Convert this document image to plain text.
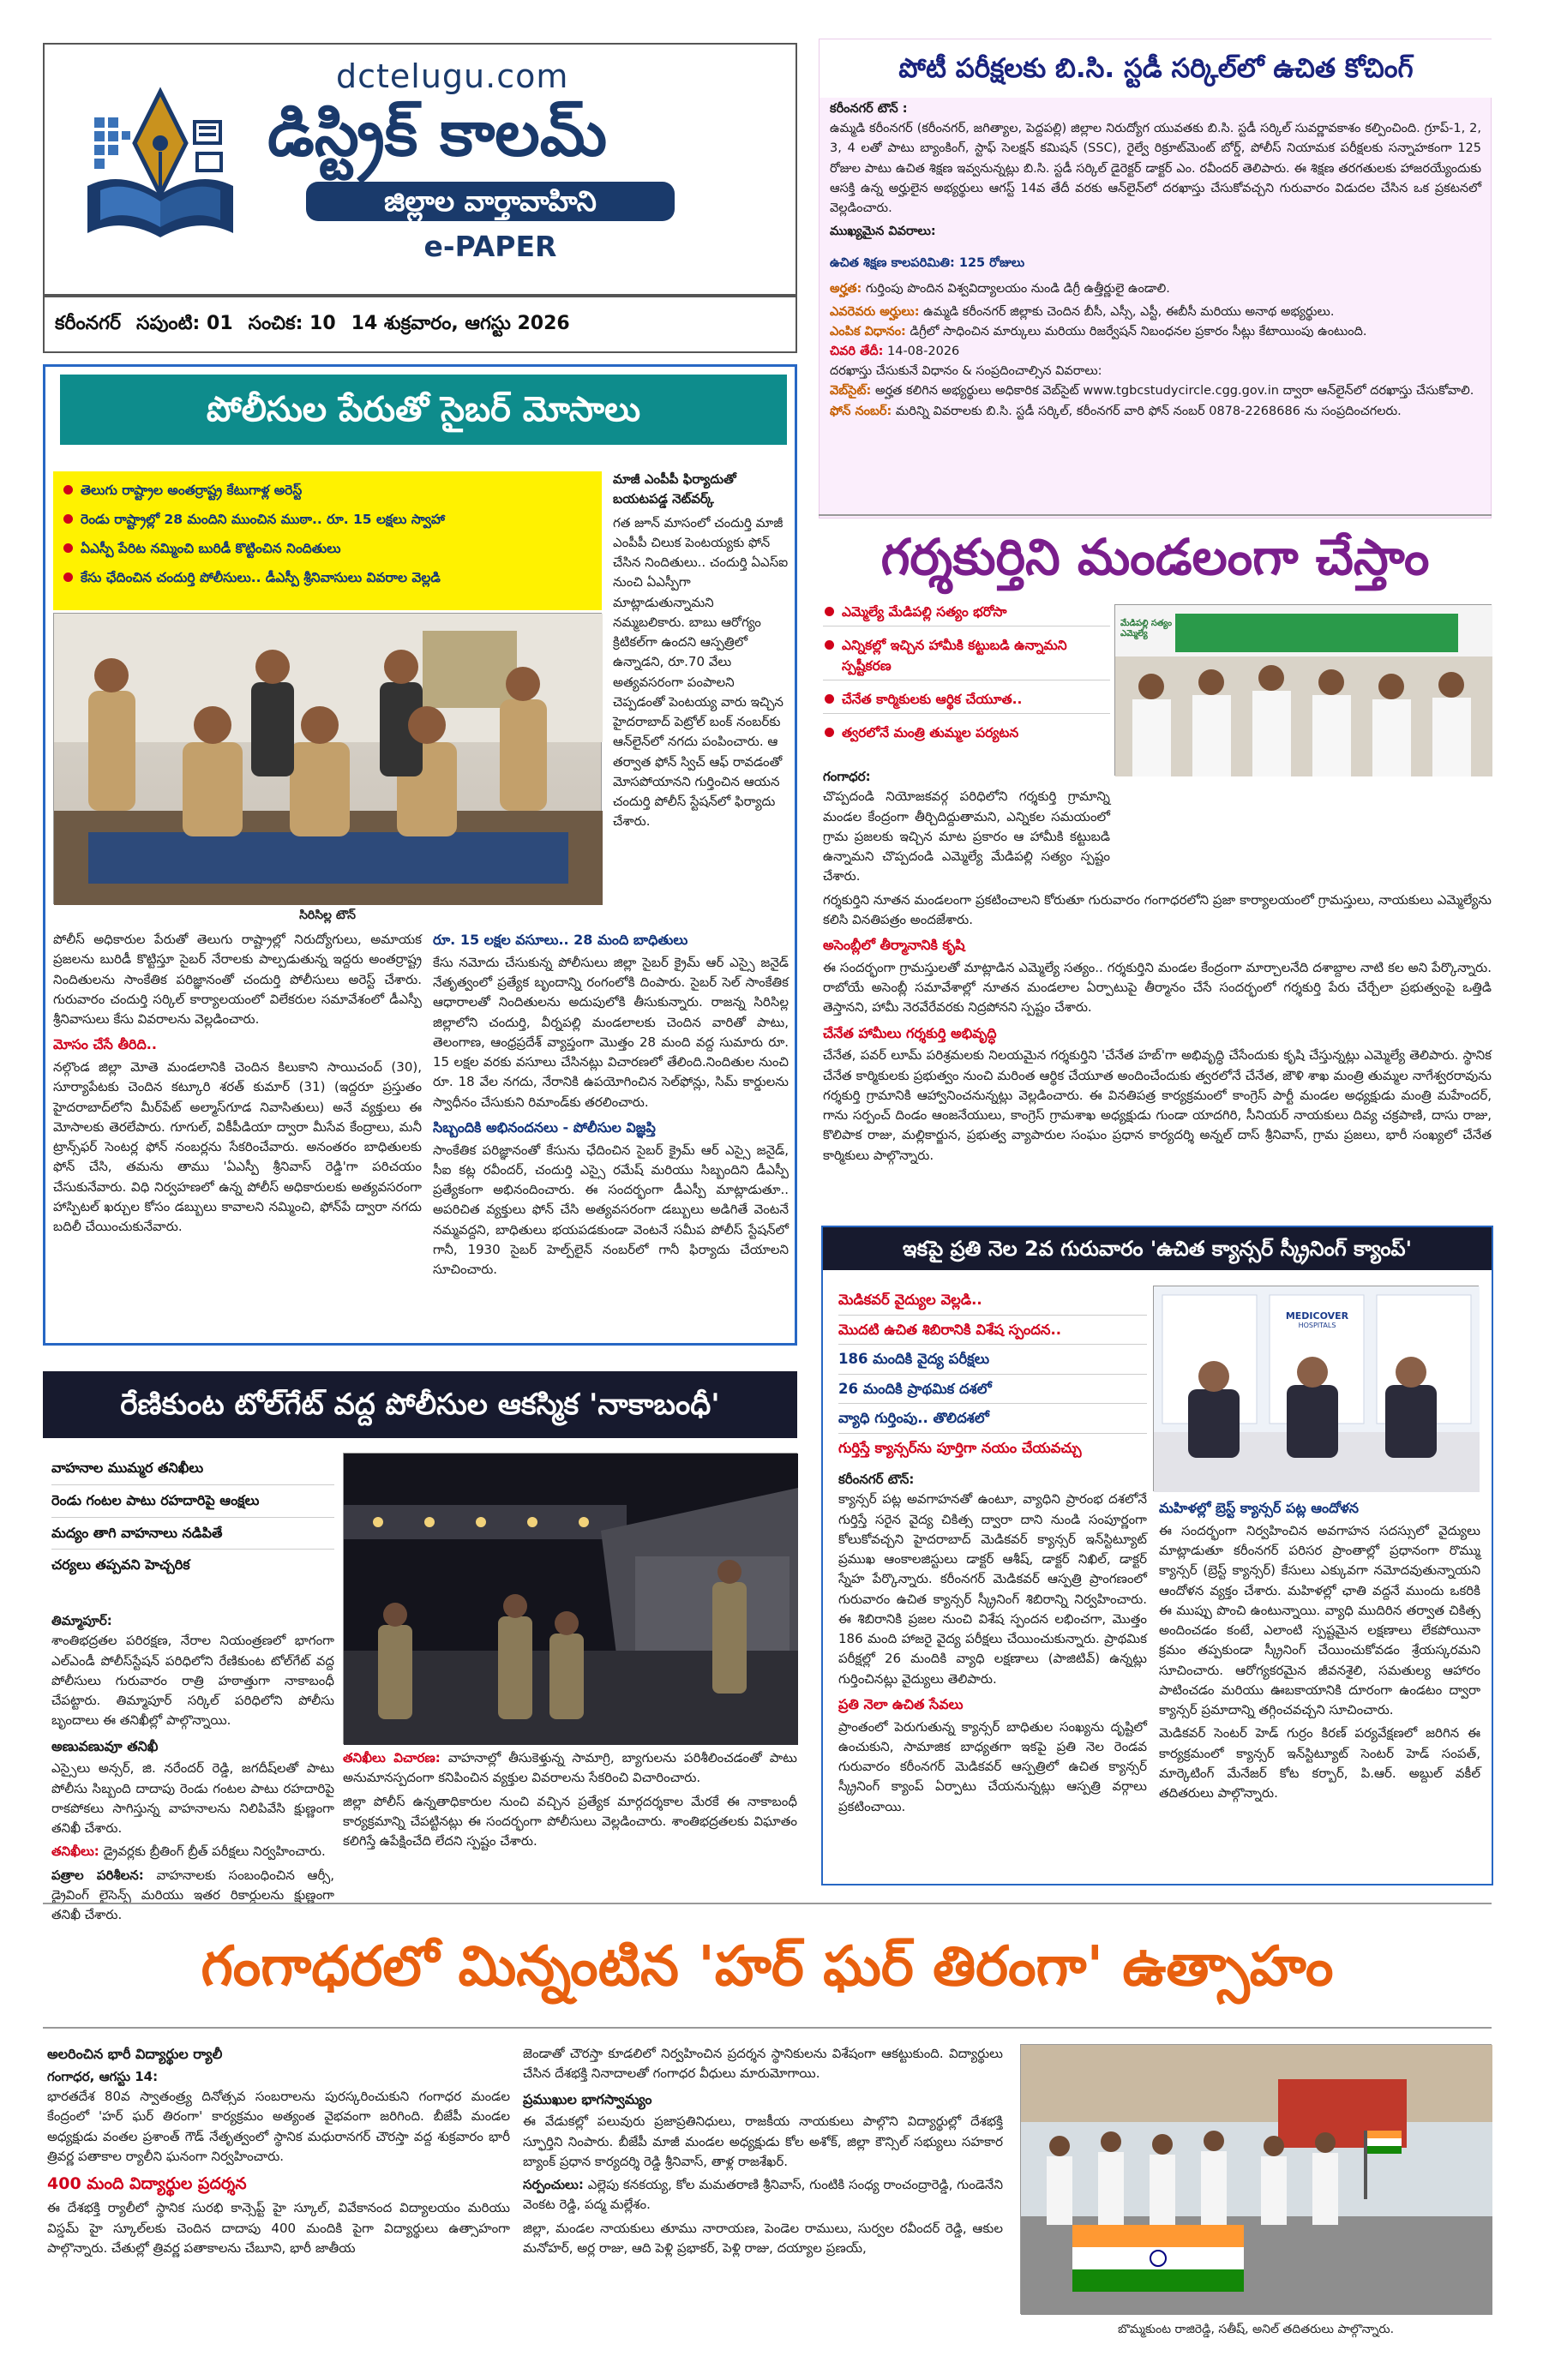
dctelugu.com
డిస్ట్రిక్ కాలమ్
జిల్లాల వార్తావాహిని
e-PAPER
కరీంనగర్ సపుంటి: 01 సంచిక: 10 14 శుక్రవారం, ఆగస్టు 2026
పోటీ పరీక్షలకు బి.సి. స్టడీ సర్కిల్‌లో ఉచిత కోచింగ్
కరీంనగర్ టౌన్ :

ఉమ్మడి కరీంనగర్ (కరీంనగర్, జగిత్యాల, పెద్దపల్లి) జిల్లాల నిరుద్యోగ యువతకు బి.సి. స్టడీ సర్కిల్ సువర్ణావకాశం కల్పించింది. గ్రూప్-1, 2, 3, 4 లతో పాటు బ్యాంకింగ్, స్టాఫ్ సెలక్షన్ కమిషన్ (SSC), రైల్వే రిక్రూట్‌మెంట్ బోర్డ్, పోలీస్ నియామక పరీక్షలకు సన్నాహకంగా 125 రోజుల పాటు ఉచిత శిక్షణ ఇవ్వనున్నట్లు బి.సి. స్టడీ సర్కిల్ డైరెక్టర్ డాక్టర్ ఎం. రవీందర్ తెలిపారు. ఈ శిక్షణ తరగతులకు హాజరయ్యేందుకు ఆసక్తి ఉన్న అర్హులైన అభ్యర్థులు ఆగస్ట్ 14వ తేదీ వరకు ఆన్‌లైన్‌లో దరఖాస్తు చేసుకోవచ్చని గురువారం విడుదల చేసిన ఒక ప్రకటనలో వెల్లడించారు.

ముఖ్యమైన వివరాలు:

ఉచిత శిక్షణ కాలపరిమితి: 125 రోజులు

అర్హత: గుర్తింపు పొందిన విశ్వవిద్యాలయం నుండి డిగ్రీ ఉత్తీర్ణులై ఉండాలి.

ఎవరెవరు అర్హులు: ఉమ్మడి కరీంనగర్ జిల్లాకు చెందిన బీసీ, ఎస్సీ, ఎస్టీ, ఈబీసీ మరియు అనాథ అభ్యర్థులు.

ఎంపిక విధానం: డిగ్రీలో సాధించిన మార్కులు మరియు రిజర్వేషన్ నిబంధనల ప్రకారం సీట్లు కేటాయింపు ఉంటుంది.

చివరి తేదీ: 14-08-2026

దరఖాస్తు చేసుకునే విధానం & సంప్రదించాల్సిన వివరాలు:

వెబ్‌సైట్: అర్హత కలిగిన అభ్యర్థులు అధికారిక వెబ్‌సైట్ www.tgbcstudycircle.cgg.gov.in ద్వారా ఆన్‌లైన్‌లో దరఖాస్తు చేసుకోవాలి.

ఫోన్ నంబర్: మరిన్ని వివరాలకు బి.సి. స్టడీ సర్కిల్, కరీంనగర్ వారి ఫోన్ నంబర్ 0878-2268686 ను సంప్రదించగలరు.

పోలీసుల పేరుతో సైబర్ మోసాలు
తెలుగు రాష్ట్రాల అంతర్రాష్ట్ర కేటుగాళ్ల అరెస్ట్
రెండు రాష్ట్రాల్లో 28 మందిని ముంచిన ముఠా.. రూ. 15 లక్షలు స్వాహా
ఏఎస్పీ పేరిట నమ్మించి బురిడీ కొట్టించిన నిందితులు
కేసు ఛేదించిన చందుర్తి పోలీసులు.. డీఎస్పీ శ్రీనివాసులు వివరాల వెల్లడి
సిరిసిల్ల టౌన్
మాజీ ఎంపీపీ ఫిర్యాదుతో బయటపడ్డ నెట్‌వర్క్

గత జూన్ మాసంలో చందుర్తి మాజీ ఎంపీపీ చిలుక పెంటయ్యకు ఫోన్ చేసిన నిందితులు.. చందుర్తి ఏఎస్ఐ నుంచి ఏఎస్పీగా మాట్లాడుతున్నామని నమ్మబలికారు. బాబు ఆరోగ్యం క్రిటికల్‌గా ఉందని ఆస్పత్రిలో ఉన్నాడని, రూ.70 వేలు అత్యవసరంగా పంపాలని చెప్పడంతో పెంటయ్య వారు ఇచ్చిన హైదరాబాద్ పెట్రోల్ బంక్ నంబర్‌కు ఆన్‌లైన్‌లో నగదు పంపించారు. ఆ తర్వాత ఫోన్ స్విచ్ ఆఫ్ రావడంతో మోసపోయానని గుర్తించిన ఆయన చందుర్తి పోలీస్ స్టేషన్‌లో ఫిర్యాదు చేశారు.

పోలీస్ అధికారుల పేరుతో తెలుగు రాష్ట్రాల్లో నిరుద్యోగులు, అమాయక ప్రజలను బురిడీ కొట్టిస్తూ సైబర్ నేరాలకు పాల్పడుతున్న ఇద్దరు అంతర్రాష్ట్ర నిందితులను సాంకేతిక పరిజ్ఞానంతో చందుర్తి పోలీసులు అరెస్ట్ చేశారు. గురువారం చందుర్తి సర్కిల్ కార్యాలయంలో విలేకరుల సమావేశంలో డీఎస్పీ శ్రీనివాసులు కేసు వివరాలను వెల్లడించారు.

మోసం చేసే తీరిది..

నల్గొండ జిల్లా మోతె మండలానికి చెందిన కిలుకాని సాయిచంద్ (30), సూర్యాపేటకు చెందిన కట్కూరి శరత్ కుమార్ (31) (ఇద్దరూ ప్రస్తుతం హైదరాబాద్‌లోని మీర్‌పేట్ అల్మాస్‌గూడ నివాసితులు) అనే వ్యక్తులు ఈ మోసాలకు తెరలేపారు. గూగుల్, వికీపీడియా ద్వారా మీసేవ కేంద్రాలు, మనీ ట్రాన్స్‌ఫర్ సెంటర్ల ఫోన్ నంబర్లను సేకరించేవారు. అనంతరం బాధితులకు ఫోన్ చేసి, తమను తాము 'ఏఎస్పీ శ్రీనివాస్ రెడ్డి'గా పరిచయం చేసుకునేవారు. విధి నిర్వహణలో ఉన్న పోలీస్ అధికారులకు అత్యవసరంగా హాస్పిటల్ ఖర్చుల కోసం డబ్బులు కావాలని నమ్మించి, ఫోన్‌పే ద్వారా నగదు బదిలీ చేయించుకునేవారు.

రూ. 15 లక్షల వసూలు.. 28 మంది బాధితులు

కేసు నమోదు చేసుకున్న పోలీసులు జిల్లా సైబర్ క్రైమ్ ఆర్ ఎస్సై జనైడ్ నేతృత్వంలో ప్రత్యేక బృందాన్ని రంగంలోకి దింపారు. సైబర్ సెల్ సాంకేతిక ఆధారాలతో నిందితులను అదుపులోకి తీసుకున్నారు. రాజన్న సిరిసిల్ల జిల్లాలోని చందుర్తి, వీర్నపల్లి మండలాలకు చెందిన వారితో పాటు, తెలంగాణ, ఆంధ్రప్రదేశ్ వ్యాప్తంగా మొత్తం 28 మంది వద్ద సుమారు రూ. 15 లక్షల వరకు వసూలు చేసినట్లు విచారణలో తేలింది.నిందితుల నుంచి రూ. 18 వేల నగదు, నేరానికి ఉపయోగించిన సెల్‌ఫోన్లు, సిమ్ కార్డులను స్వాధీనం చేసుకుని రిమాండ్‌కు తరలించారు.

సిబ్బందికి అభినందనలు - పోలీసుల విజ్ఞప్తి

సాంకేతిక పరిజ్ఞానంతో కేసును ఛేదించిన సైబర్ క్రైమ్ ఆర్ ఎస్సై జనైడ్, సీఐ కట్ల రవీందర్, చందుర్తి ఎస్సై రమేష్ మరియు సిబ్బందిని డీఎస్పీ ప్రత్యేకంగా అభినందించారు. ఈ సందర్భంగా డీఎస్పీ మాట్లాడుతూ.. అపరిచిత వ్యక్తులు ఫోన్ చేసి అత్యవసరంగా డబ్బులు అడిగితే వెంటనే నమ్మవద్దని, బాధితులు భయపడకుండా వెంటనే సమీప పోలీస్ స్టేషన్‌లో గానీ, 1930 సైబర్ హెల్ప్‌లైన్ నంబర్‌లో గానీ ఫిర్యాదు చేయాలని సూచించారు.

గర్శకుర్తిని మండలంగా చేస్తాం
ఎమ్మెల్యే మేడిపల్లి సత్యం భరోసా
ఎన్నికల్లో ఇచ్చిన హామీకి కట్టుబడి ఉన్నామని స్పష్టీకరణ
చేనేత కార్మికులకు ఆర్థిక చేయూత..
త్వరలోనే మంత్రి తుమ్మల పర్యటన
మేడిపల్లి సత్యం ఎమ్మెల్యే
గంగాధర:

చొప్పదండి నియోజకవర్గ పరిధిలోని గర్శకుర్తి గ్రామాన్ని మండల కేంద్రంగా తీర్చిదిద్దుతామని, ఎన్నికల సమయంలో గ్రామ ప్రజలకు ఇచ్చిన మాట ప్రకారం ఆ హామీకి కట్టుబడి ఉన్నామని చొప్పదండి ఎమ్మెల్యే మేడిపల్లి సత్యం స్పష్టం చేశారు.

గర్శకుర్తిని నూతన మండలంగా ప్రకటించాలని కోరుతూ గురువారం గంగాధరలోని ప్రజా కార్యాలయంలో గ్రామస్తులు, నాయకులు ఎమ్మెల్యేను కలిసి వినతిపత్రం అందజేశారు.

అసెంబ్లీలో తీర్మానానికి కృషి

ఈ సందర్భంగా గ్రామస్తులతో మాట్లాడిన ఎమ్మెల్యే సత్యం.. గర్శకుర్తిని మండల కేంద్రంగా మార్చాలనేది దశాబ్దాల నాటి కల అని పేర్కొన్నారు. రాబోయే అసెంబ్లీ సమావేశాల్లో నూతన మండలాల ఏర్పాటుపై తీర్మానం చేసే సందర్భంలో గర్శకుర్తి పేరు చేర్చేలా ప్రభుత్వంపై ఒత్తిడి తెస్తానని, హామీ నెరవేరేవరకు నిద్రపోనని స్పష్టం చేశారు.

చేనేత హామీలు గర్శకుర్తి అభివృద్ధి

చేనేత, పవర్ లూమ్ పరిశ్రమలకు నిలయమైన గర్శకుర్తిని 'చేనేత హబ్'గా అభివృద్ధి చేసేందుకు కృషి చేస్తున్నట్లు ఎమ్మెల్యే తెలిపారు. స్థానిక చేనేత కార్మికులకు ప్రభుత్వం నుంచి మరింత ఆర్థిక చేయూత అందించేందుకు త్వరలోనే చేనేత, జౌళి శాఖ మంత్రి తుమ్మల నాగేశ్వరరావును గర్శకుర్తి గ్రామానికి ఆహ్వానించనున్నట్లు వెల్లడించారు. ఈ వినతిపత్ర కార్యక్రమంలో కాంగ్రెస్ పార్టీ మండల అధ్యక్షుడు మంత్రి మహేందర్, గాను సర్పంచ్ దిండం ఆంజనేయులు, కాంగ్రెస్ గ్రామశాఖ అధ్యక్షుడు గుండా యాదగిరి, సీనియర్ నాయకులు దివ్య చక్రపాణి, దాసు రాజు, కొలిపాక రాజు, మల్లికార్జున, ప్రభుత్వ వ్యాపారుల సంఘం ప్రధాన కార్యదర్శి అన్నల్ దాస్ శ్రీనివాస్, గ్రామ ప్రజలు, భారీ సంఖ్యలో చేనేత కార్మికులు పాల్గొన్నారు.

ఇకపై ప్రతి నెల 2వ గురువారం 'ఉచిత క్యాన్సర్ స్క్రీనింగ్ క్యాంప్'
మెడికవర్ వైద్యుల వెల్లడి..
మొదటి ఉచిత శిబిరానికి విశేష స్పందన..
186 మందికి వైద్య పరీక్షలు
26 మందికి ప్రాథమిక దశలో
వ్యాధి గుర్తింపు.. తొలిదశలో
గుర్తిస్తే క్యాన్సర్‌ను పూర్తిగా నయం చేయవచ్చు
MEDICOVER
HOSPITALS
కరీంనగర్ టౌన్:

క్యాన్సర్ పట్ల అవగాహనతో ఉంటూ, వ్యాధిని ప్రారంభ దశలోనే గుర్తిస్తే సరైన వైద్య చికిత్స ద్వారా దాని నుండి సంపూర్ణంగా కోలుకోవచ్చని హైదరాబాద్ మెడికవర్ క్యాన్సర్ ఇన్‌స్టిట్యూట్ ప్రముఖ ఆంకాలజిస్టులు డాక్టర్ ఆశీష్, డాక్టర్ నిఖిల్, డాక్టర్ స్నేహ పేర్కొన్నారు. కరీంనగర్ మెడికవర్ ఆస్పత్రి ప్రాంగణంలో గురువారం ఉచిత క్యాన్సర్ స్క్రీనింగ్ శిబిరాన్ని నిర్వహించారు. ఈ శిబిరానికి ప్రజల నుంచి విశేష స్పందన లభించగా, మొత్తం 186 మంది హాజరై వైద్య పరీక్షలు చేయించుకున్నారు. ప్రాథమిక పరీక్షల్లో 26 మందికి వ్యాధి లక్షణాలు (పాజిటివ్) ఉన్నట్లు గుర్తించినట్లు వైద్యులు తెలిపారు.

ప్రతి నెలా ఉచిత సేవలు

ప్రాంతంలో పెరుగుతున్న క్యాన్సర్ బాధితుల సంఖ్యను దృష్టిలో ఉంచుకుని, సామాజిక బాధ్యతగా ఇకపై ప్రతి నెల రెండవ గురువారం కరీంనగర్ మెడికవర్ ఆస్పత్రిలో ఉచిత క్యాన్సర్ స్క్రీనింగ్ క్యాంప్ ఏర్పాటు చేయనున్నట్లు ఆస్పత్రి వర్గాలు ప్రకటించాయి.

మహిళల్లో బ్రెస్ట్ క్యాన్సర్ పట్ల ఆందోళన

ఈ సందర్భంగా నిర్వహించిన అవగాహన సదస్సులో వైద్యులు మాట్లాడుతూ కరీంనగర్ పరిసర ప్రాంతాల్లో ప్రధానంగా రొమ్ము క్యాన్సర్ (బ్రెస్ట్ క్యాన్సర్) కేసులు ఎక్కువగా నమోదవుతున్నాయని ఆందోళన వ్యక్తం చేశారు. మహిళల్లో ఛాతి వద్దనే ముందు ఒకరికి ఈ ముప్పు పొంచి ఉంటున్నాయి. వ్యాధి ముదిరిన తర్వాత చికిత్స అందించడం కంటే, ఎలాంటి స్పష్టమైన లక్షణాలు లేకపోయినా క్రమం తప్పకుండా స్క్రీనింగ్ చేయించుకోవడం శ్రేయస్కరమని సూచించారు. ఆరోగ్యకరమైన జీవనశైలి, సమతుల్య ఆహారం పాటించడం మరియు ఊబకాయానికి దూరంగా ఉండటం ద్వారా క్యాన్సర్ ప్రమాదాన్ని తగ్గించవచ్చని సూచించారు.

మెడికవర్ సెంటర్ హెడ్ గుర్రం కిరణ్ పర్యవేక్షణలో జరిగిన ఈ కార్యక్రమంలో క్యాన్సర్ ఇన్‌స్టిట్యూట్ సెంటర్ హెడ్ సంపత్, మార్కెటింగ్ మేనేజర్ కోట కర్బార్, పి.ఆర్. అబ్దుల్ వకీల్ తదితరులు పాల్గొన్నారు.

రేణికుంట టోల్‌గేట్ వద్ద పోలీసుల ఆకస్మిక 'నాకాబంధీ'
వాహనాల ముమ్మర తనిఖీలు
రెండు గంటల పాటు రహదారిపై ఆంక్షలు
మద్యం తాగి వాహనాలు నడిపితే
చర్యలు తప్పవని హెచ్చరిక
తిమ్మాపూర్:

శాంతిభద్రతల పరిరక్షణ, నేరాల నియంత్రణలో భాగంగా ఎల్‌ఎండీ పోలీస్‌స్టేషన్ పరిధిలోని రేణికుంట టోల్‌గేట్ వద్ద పోలీసులు గురువారం రాత్రి హఠాత్తుగా నాకాబంధీ చేపట్టారు. తిమ్మాపూర్ సర్కిల్ పరిధిలోని పోలీసు బృందాలు ఈ తనిఖీల్లో పాల్గొన్నాయి.

అణువణువూ తనిఖీ

ఎస్సైలు అన్సర్, జి. నరేందర్ రెడ్డి, జగదీష్‌లతో పాటు పోలీసు సిబ్బంది దాదాపు రెండు గంటల పాటు రహదారిపై రాకపోకలు సాగిస్తున్న వాహనాలను నిలిపివేసి క్షుణ్ణంగా తనిఖీ చేశారు.

తనిఖీలు: డ్రైవర్లకు బ్రీతింగ్ బ్రీత్ పరీక్షలు నిర్వహించారు.

పత్రాల పరిశీలన: వాహనాలకు సంబంధించిన ఆర్సీ, డ్రైవింగ్ లైసెన్స్ మరియు ఇతర రికార్డులను క్షుణ్ణంగా తనిఖీ చేశారు.

తనిఖీలు విచారణ: వాహనాల్లో తీసుకెళ్తున్న సామాగ్రి, బ్యాగులను పరిశీలించడంతో పాటు అనుమానస్పదంగా కనిపించిన వ్యక్తుల వివరాలను సేకరించి విచారించారు.

జిల్లా పోలీస్ ఉన్నతాధికారుల నుంచి వచ్చిన ప్రత్యేక మార్గదర్శకాల మేరకే ఈ నాకాబంధీ కార్యక్రమాన్ని చేపట్టినట్లు ఈ సందర్భంగా పోలీసులు వెల్లడించారు. శాంతిభద్రతలకు విఘాతం కలిగిస్తే ఉపేక్షించేది లేదని స్పష్టం చేశారు.

గంగాధరలో మిన్నంటిన 'హర్ ఘర్ తిరంగా' ఉత్సాహం
అలరించిన భారీ విద్యార్థుల ర్యాలీ
గంగాధర, ఆగస్టు 14:

భారతదేశ 80వ స్వాతంత్ర్య దినోత్సవ సంబరాలను పురస్కరించుకుని గంగాధర మండల కేంద్రంలో 'హర్ ఘర్ తిరంగా' కార్యక్రమం అత్యంత వైభవంగా జరిగింది. బీజేపీ మండల అధ్యక్షుడు వంతల ప్రశాంత్ గౌడ్ నేతృత్వంలో స్థానిక మధురానగర్ చౌరస్తా వద్ద శుక్రవారం భారీ త్రివర్ణ పతాకాల ర్యాలీని ఘనంగా నిర్వహించారు.

400 మంది విద్యార్థుల ప్రదర్శన

ఈ దేశభక్తి ర్యాలీలో స్థానిక సురభి కాన్సెప్ట్ హై స్కూల్, వివేకానంద విద్యాలయం మరియు విస్డమ్ హై స్కూల్‌లకు చెందిన దాదాపు 400 మందికి పైగా విద్యార్థులు ఉత్సాహంగా పాల్గొన్నారు. చేతుల్లో త్రివర్ణ పతాకాలను చేబూని, భారీ జాతీయ

జెండాతో చౌరస్తా కూడలిలో నిర్వహించిన ప్రదర్శన స్థానికులను విశేషంగా ఆకట్టుకుంది. విద్యార్థులు చేసిన దేశభక్తి నినాదాలతో గంగాధర వీధులు మారుమోగాయి.

ప్రముఖుల భాగస్వామ్యం

ఈ వేడుకల్లో పలువురు ప్రజాప్రతినిధులు, రాజకీయ నాయకులు పాల్గొని విద్యార్థుల్లో దేశభక్తి స్ఫూర్తిని నింపారు. బీజేపీ మాజీ మండల అధ్యక్షుడు కోల అశోక్, జిల్లా కౌన్సిల్ సభ్యులు సహకార బ్యాంక్ ప్రధాన కార్యదర్శి రెడ్డి శ్రీనివాస్, తాళ్ల రాజశేఖర్.

సర్పంచులు: ఎల్లెపు కనకయ్య, కోల మమతరాణి శ్రీనివాస్, గుంటికి సంధ్య రాంచంద్రారెడ్డి, గుండెనేని వెంకట రెడ్డి, పద్మ మల్లేశం.

జిల్లా, మండల నాయకులు తూము నారాయణ, పెండెల రాములు, సుర్వల రవీందర్ రెడ్డి, ఆకుల మనోహర్, అర్ల రాజు, ఆది పెళ్లి ప్రభాకర్, పెళ్లి రాజు, దయ్యాల ప్రణయ్,

బొమ్మకుంట రాజిరెడ్డి, సతీష్, అనిల్ తదితరులు పాల్గొన్నారు.
